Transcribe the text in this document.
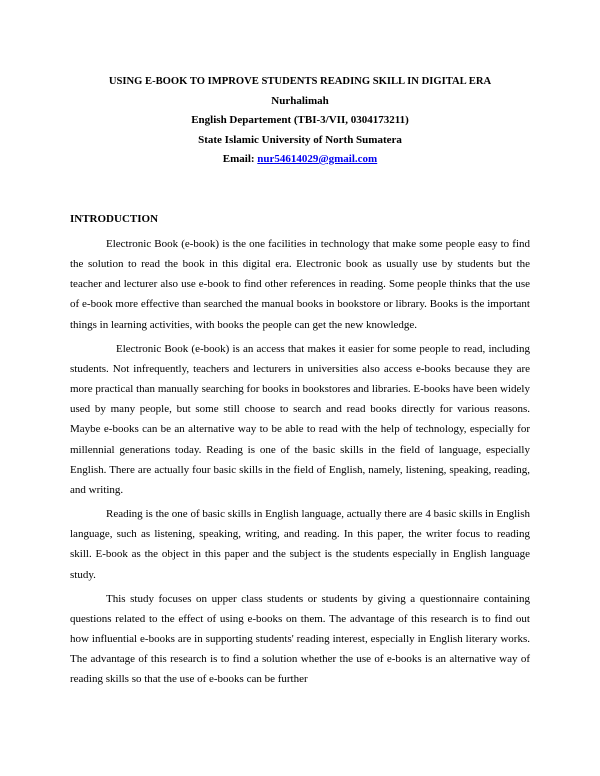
USING E-BOOK TO IMPROVE STUDENTS READING SKILL IN DIGITAL ERA
Nurhalimah
English Departement (TBI-3/VII, 0304173211)
State Islamic University of North Sumatera
Email: nur54614029@gmail.com
INTRODUCTION

Electronic Book (e-book) is the one facilities in technology that make some people easy to find the solution to read the book in this digital era. Electronic book as usually use by students but the teacher and lecturer also use e-book to find other references in reading. Some people thinks that the use of e-book more effective than searched the manual books in bookstore or library. Books is the important things in learning activities, with books the people can get the new knowledge.

Electronic Book (e-book) is an access that makes it easier for some people to read, including students. Not infrequently, teachers and lecturers in universities also access e-books because they are more practical than manually searching for books in bookstores and libraries. E-books have been widely used by many people, but some still choose to search and read books directly for various reasons. Maybe e-books can be an alternative way to be able to read with the help of technology, especially for millennial generations today. Reading is one of the basic skills in the field of language, especially English. There are actually four basic skills in the field of English, namely, listening, speaking, reading, and writing.

Reading is the one of basic skills in English language, actually there are 4 basic skills in English language, such as listening, speaking, writing, and reading. In this paper, the writer focus to reading skill. E-book as the object in this paper and the subject is the students especially in English language study.

This study focuses on upper class students or students by giving a questionnaire containing questions related to the effect of using e-books on them. The advantage of this research is to find out how influential e-books are in supporting students' reading interest, especially in English literary works. The advantage of this research is to find a solution whether the use of e-books is an alternative way of reading skills so that the use of e-books can be further
